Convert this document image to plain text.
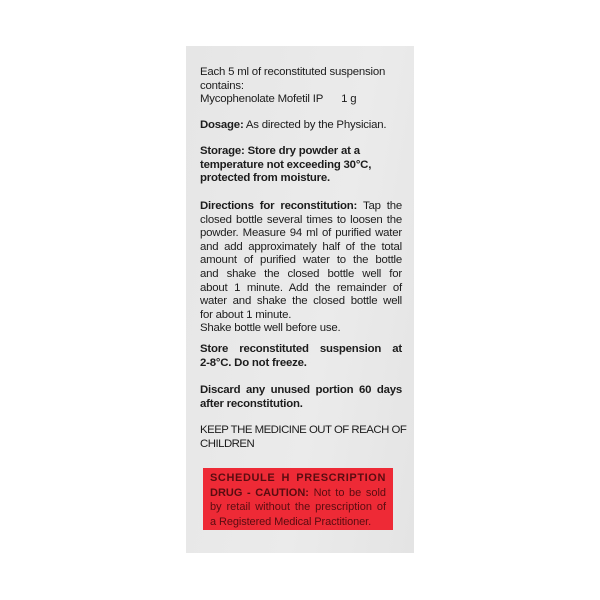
Each 5 ml of reconstituted suspension
contains:
Mycophenolate Mofetil IP 1 g
Dosage: As directed by the Physician.
Storage: Store dry powder at a
temperature not exceeding 30°C,
protected from moisture.
Directions for reconstitution: Tap the
closed bottle several times to loosen the
powder. Measure 94 ml of purified water
and add approximately half of the total
amount of purified water to the bottle
and shake the closed bottle well for
about 1 minute. Add the remainder of
water and shake the closed bottle well
for about 1 minute.
Shake bottle well before use.
Store reconstituted suspension at
2-8°C. Do not freeze.
Discard any unused portion 60 days
after reconstitution.
KEEP THE MEDICINE OUT OF REACH OF
CHILDREN
SCHEDULE H PRESCRIPTION
DRUG - CAUTION: Not to be sold
by retail without the prescription of
a Registered Medical Practitioner.
